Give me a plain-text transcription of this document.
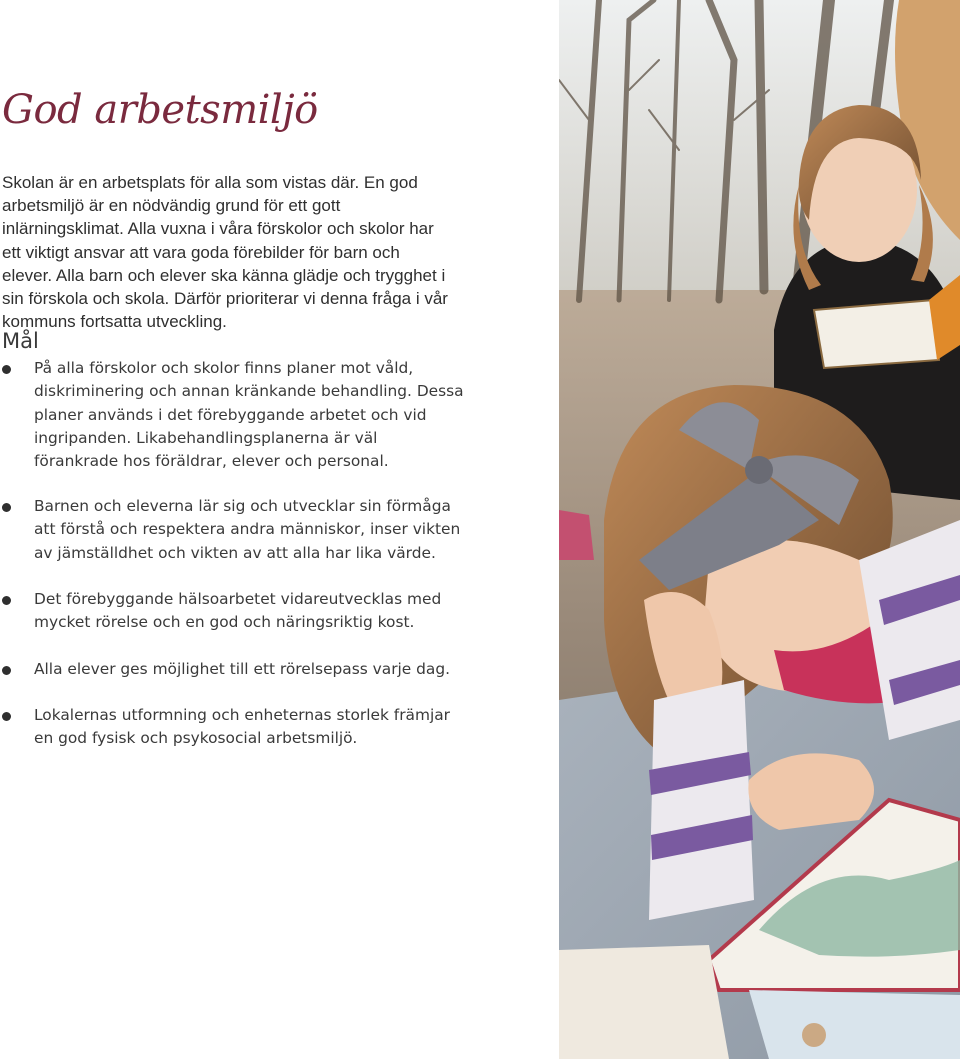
God arbetsmiljö

Skolan är en arbetsplats för alla som vistas där. En god arbetsmiljö är en nödvändig grund för ett gott inlärningsklimat. Alla vuxna i våra förskolor och skolor har ett viktigt ansvar att vara goda förebilder för barn och elever. Alla barn och elever ska känna glädje och trygghet i sin förskola och skola. Därför prioriterar vi denna fråga i vår kommuns fortsatta utveckling.

Mål
På alla förskolor och skolor finns planer mot våld, diskriminering och annan kränkande behandling. Dessa planer används i det förebyggande arbetet och vid ingripanden. Likabehandlingsplanerna är väl förankrade hos föräldrar, elever och personal.
Barnen och eleverna lär sig och utvecklar sin förmåga att förstå och respektera andra människor, inser vikten av jämställdhet och vikten av att alla har lika värde.
Det förebyggande hälsoarbetet vidareutvecklas med mycket rörelse och en god och näringsriktig kost.
Alla elever ges möjlighet till ett rörelsepass varje dag.
Lokalernas utformning och enheternas storlek främjar en god fysisk och psykosocial arbetsmiljö.
